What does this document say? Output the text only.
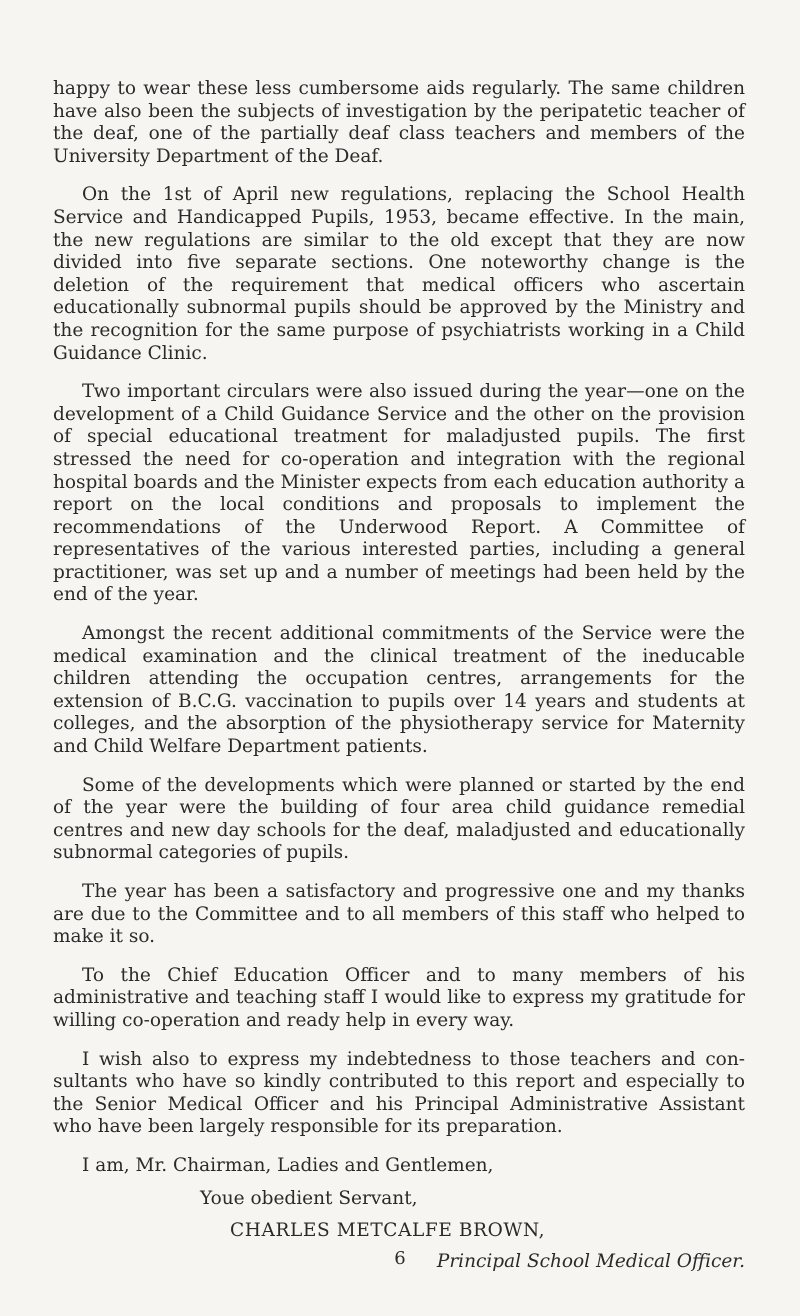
happy to wear these less cumbersome aids regularly. The same children have also been the subjects of investigation by the peripatetic teacher of the deaf, one of the partially deaf class teachers and members of the University Department of the Deaf.

On the 1st of April new regulations, replacing the School Health Service and Handicapped Pupils, 1953, became effective. In the main, the new regulations are similar to the old except that they are now divided into five separate sections. One noteworthy change is the deletion of the requirement that medical officers who ascertain educationally subnormal pupils should be approved by the Ministry and the recognition for the same purpose of psychiatrists working in a Child Guidance Clinic.

Two important circulars were also issued during the year—one on the development of a Child Guidance Service and the other on the provision of special educational treatment for maladjusted pupils. The first stressed the need for co-operation and integration with the regional hospital boards and the Minister expects from each education authority a report on the local conditions and proposals to implement the recommendations of the Underwood Report. A Committee of representatives of the various interested parties, including a general practitioner, was set up and a number of meetings had been held by the end of the year.

Amongst the recent additional commitments of the Service were the medical examination and the clinical treatment of the ineducable children attending the occupation centres, arrangements for the extension of B.C.G. vaccination to pupils over 14 years and students at colleges, and the absorption of the physiotherapy service for Maternity and Child Welfare Department patients.

Some of the developments which were planned or started by the end of the year were the building of four area child guidance remedial centres and new day schools for the deaf, maladjusted and educationally subnormal categories of pupils.

The year has been a satisfactory and progressive one and my thanks are due to the Committee and to all members of this staff who helped to make it so.

To the Chief Education Officer and to many members of his administrative and teaching staff I would like to express my gratitude for willing co-operation and ready help in every way.

I wish also to express my indebtedness to those teachers and con- sultants who have so kindly contributed to this report and especially to the Senior Medical Officer and his Principal Administrative Assistant who have been largely responsible for its preparation.

I am, Mr. Chairman, Ladies and Gentlemen,
Youe obedient Servant,
CHARLES METCALFE BROWN,
Principal School Medical Officer.
6
